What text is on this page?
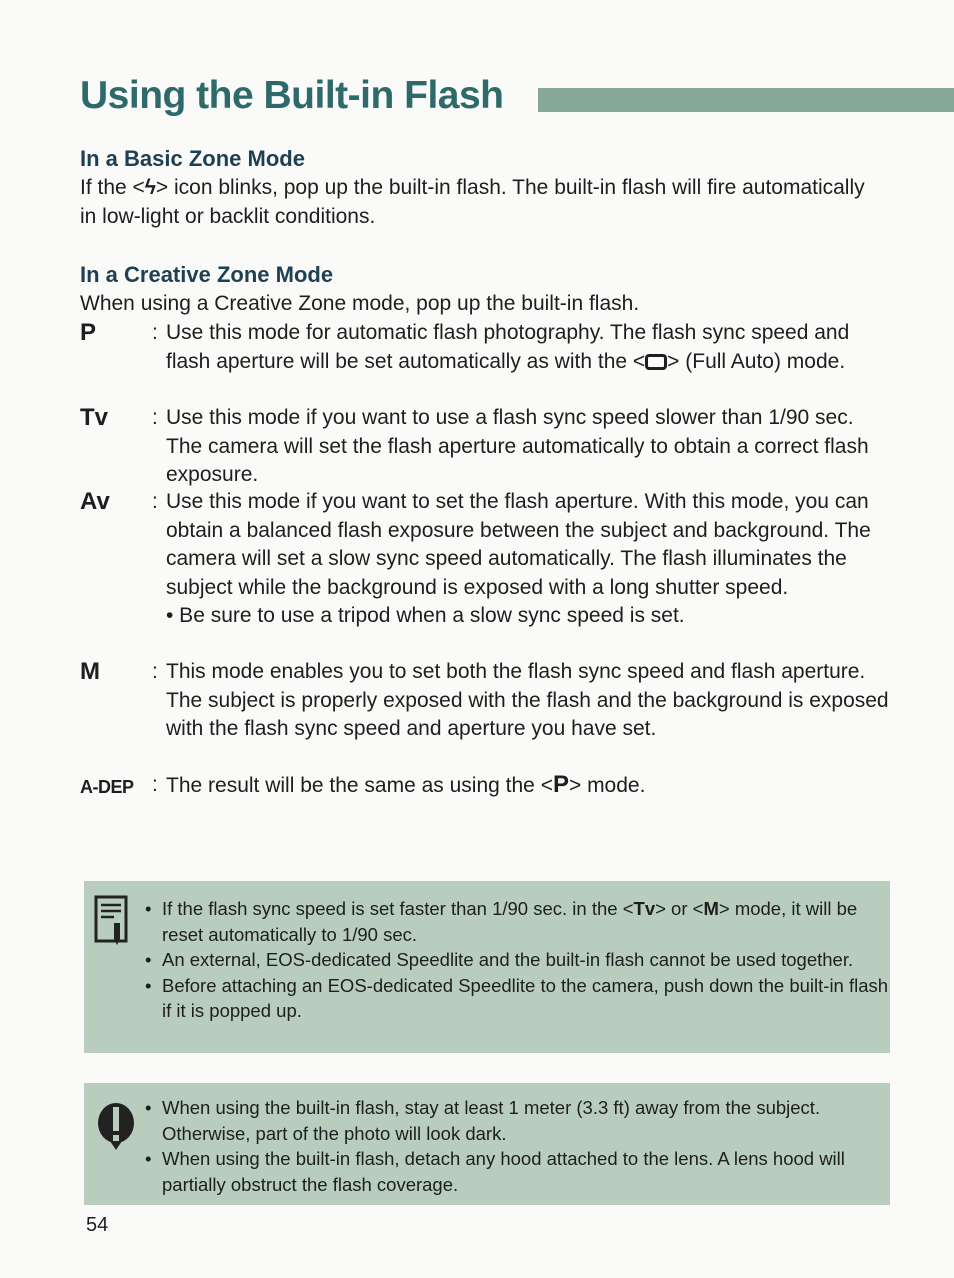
Using the Built-in Flash
In a Basic Zone Mode

If the <ϟ> icon blinks, pop up the built-in flash. The built-in flash will fire automatically in low-light or backlit conditions.

In a Creative Zone Mode

When using a Creative Zone mode, pop up the built-in flash.

P	: Use this mode for automatic flash photography. The flash sync speed and flash aperture will be set automatically as with the < > (Full Auto) mode.
Tv	: Use this mode if you want to use a flash sync speed slower than 1/90 sec. The camera will set the flash aperture automatically to obtain a correct flash exposure.
Av	: Use this mode if you want to set the flash aperture. With this mode, you can obtain a balanced flash exposure between the subject and background. The camera will set a slow sync speed automatically. The flash illuminates the subject while the background is exposed with a long shutter speed.
• Be sure to use a tripod when a slow sync speed is set.
M	: This mode enables you to set both the flash sync speed and flash aperture. The subject is properly exposed with the flash and the background is exposed with the flash sync speed and aperture you have set.
A-DEP : The result will be the same as using the <P> mode.
• If the flash sync speed is set faster than 1/90 sec. in the <Tv> or <M> mode, it will be reset automatically to 1/90 sec.
• An external, EOS-dedicated Speedlite and the built-in flash cannot be used together.
• Before attaching an EOS-dedicated Speedlite to the camera, push down the built-in flash if it is popped up.
• When using the built-in flash, stay at least 1 meter (3.3 ft) away from the subject. Otherwise, part of the photo will look dark.
• When using the built-in flash, detach any hood attached to the lens. A lens hood will partially obstruct the flash coverage.
54
